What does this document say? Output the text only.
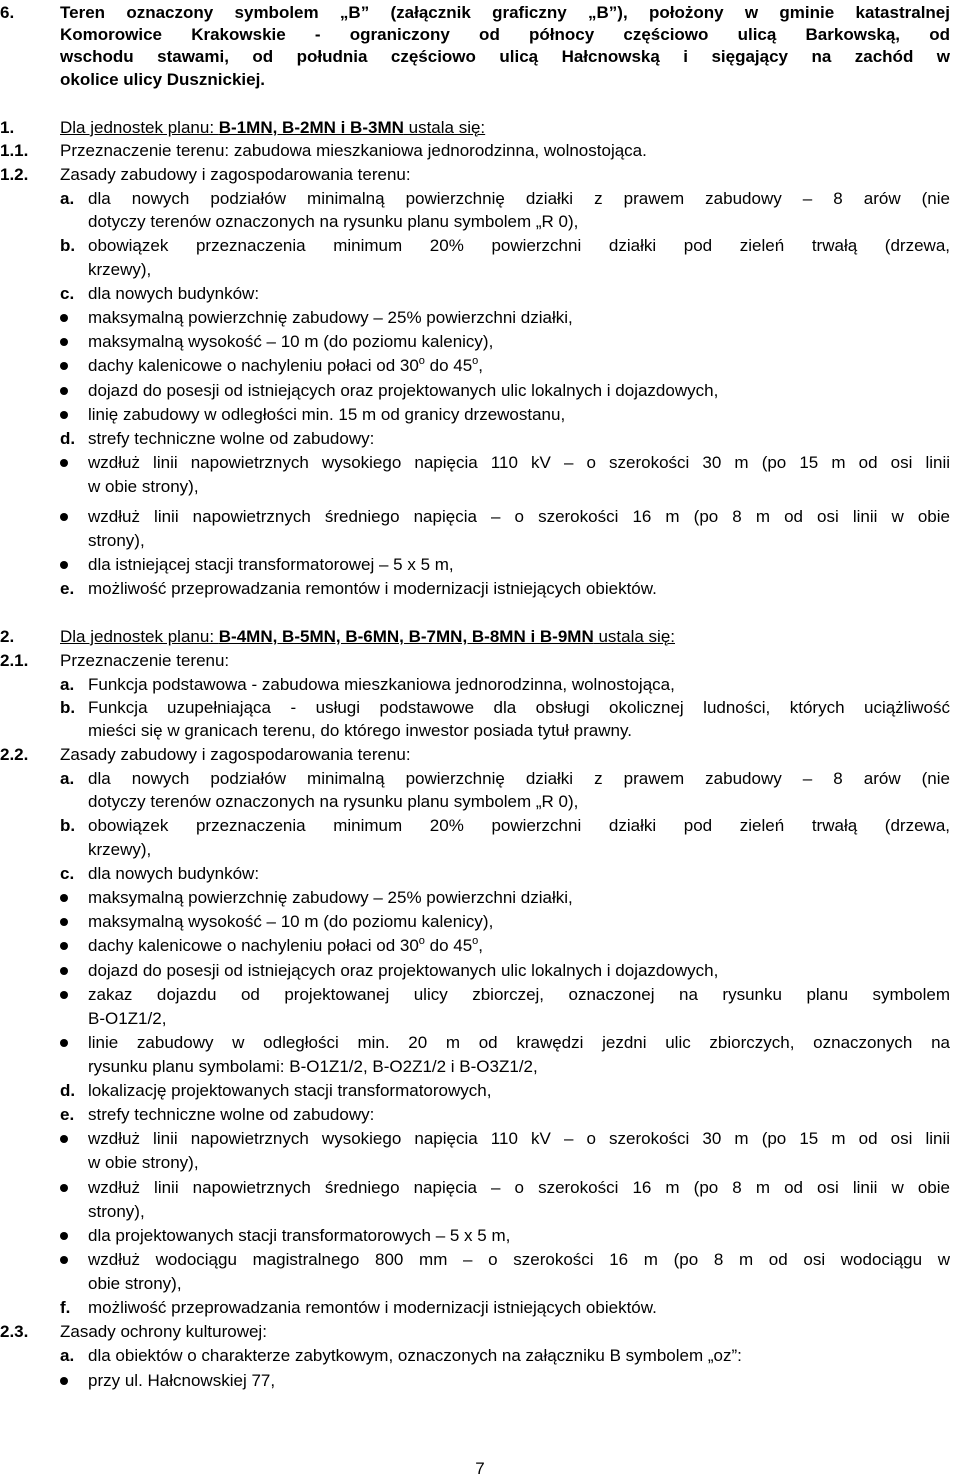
6.	Teren oznaczony symbolem „B” (załącznik graficzny „B”), położony w gminie katastralnej
Komorowice Krakowskie - ograniczony od północy częściowo ulicą Barkowską, od
wschodu stawami, od południa częściowo ulicą Hałcnowską i sięgający na zachód w
okolice ulicy Dusznickiej.
1.	Dla jednostek planu: B-1MN, B-2MN i B-3MN ustala się:
1.1. Przeznaczenie terenu: zabudowa mieszkaniowa jednorodzinna, wolnostojąca.
1.2. Zasady zabudowy i zagospodarowania terenu:
a. dla nowych podziałów minimalną powierzchnię działki z prawem zabudowy – 8 arów (nie
dotyczy terenów oznaczonych na rysunku planu symbolem „R 0),
b. obowiązek przeznaczenia minimum 20% powierzchni działki pod zieleń trwałą (drzewa,
krzewy),
c. dla nowych budynków:
maksymalną powierzchnię zabudowy – 25% powierzchni działki,
maksymalną wysokość – 10 m (do poziomu kalenicy),
dachy kalenicowe o nachyleniu połaci od 30$^o$ do 45$^o$,
dojazd do posesji od istniejących oraz projektowanych ulic lokalnych i dojazdowych,
linię zabudowy w odległości min. 15 m od granicy drzewostanu,
d. strefy techniczne wolne od zabudowy:
wzdłuż linii napowietrznych wysokiego napięcia 110 kV – o szerokości 30 m (po 15 m od osi linii
w obie strony),
wzdłuż linii napowietrznych średniego napięcia – o szerokości 16 m (po 8 m od osi linii w obie
strony),
dla istniejącej stacji transformatorowej – 5 x 5 m,
e. możliwość przeprowadzania remontów i modernizacji istniejących obiektów.
2.	Dla jednostek planu: B-4MN, B-5MN, B-6MN, B-7MN, B-8MN i B-9MN ustala się:
2.1. Przeznaczenie terenu:
a. Funkcja podstawowa - zabudowa mieszkaniowa jednorodzinna, wolnostojąca,
b. Funkcja uzupełniająca - usługi podstawowe dla obsługi okolicznej ludności, których uciążliwość
mieści się w granicach terenu, do którego inwestor posiada tytuł prawny.
2.2. Zasady zabudowy i zagospodarowania terenu:
a. dla nowych podziałów minimalną powierzchnię działki z prawem zabudowy – 8 arów (nie
dotyczy terenów oznaczonych na rysunku planu symbolem „R 0),
b. obowiązek przeznaczenia minimum 20% powierzchni działki pod zieleń trwałą (drzewa,
krzewy),
c. dla nowych budynków:
maksymalną powierzchnię zabudowy – 25% powierzchni działki,
maksymalną wysokość – 10 m (do poziomu kalenicy),
dachy kalenicowe o nachyleniu połaci od 30$^o$ do 45$^o$,
dojazd do posesji od istniejących oraz projektowanych ulic lokalnych i dojazdowych,
zakaz dojazdu od projektowanej ulicy zbiorczej, oznaczonej na rysunku planu symbolem
B-O1Z1/2,
linie zabudowy w odległości min. 20 m od krawędzi jezdni ulic zbiorczych, oznaczonych na
rysunku planu symbolami: B-O1Z1/2, B-O2Z1/2 i B-O3Z1/2,
d. lokalizację projektowanych stacji transformatorowych,
e. strefy techniczne wolne od zabudowy:
wzdłuż linii napowietrznych wysokiego napięcia 110 kV – o szerokości 30 m (po 15 m od osi linii
w obie strony),
wzdłuż linii napowietrznych średniego napięcia – o szerokości 16 m (po 8 m od osi linii w obie
strony),
dla projektowanych stacji transformatorowych – 5 x 5 m,
wzdłuż wodociągu magistralnego 800 mm – o szerokości 16 m (po 8 m od osi wodociągu w
obie strony),
f. możliwość przeprowadzania remontów i modernizacji istniejących obiektów.
2.3. Zasady ochrony kulturowej:
a. dla obiektów o charakterze zabytkowym, oznaczonych na załączniku B symbolem „oz”:
przy ul. Hałcnowskiej 77,
7
